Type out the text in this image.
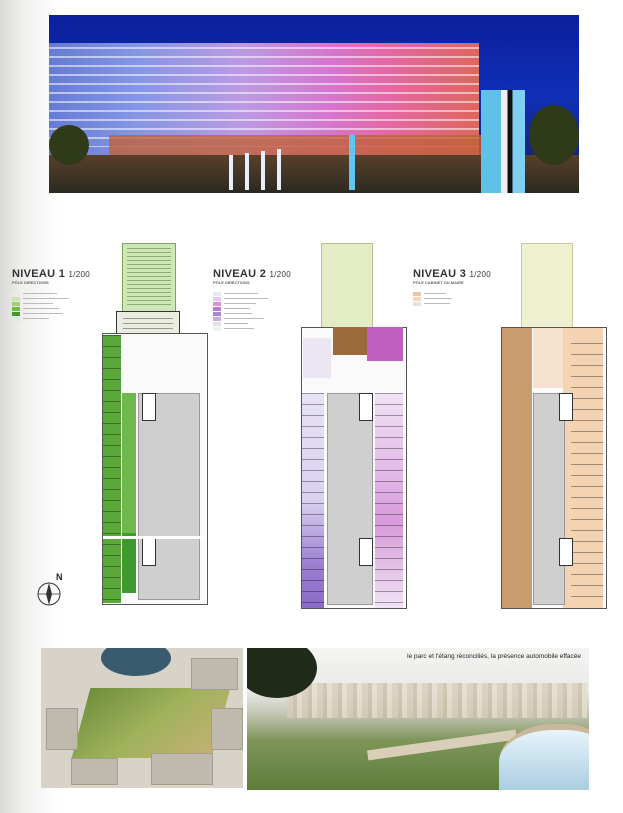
NIVEAU 1 1/200
PÔLE DIRECTIONS
NIVEAU 2 1/200
PÔLE DIRECTIONS
NIVEAU 3 1/200
PÔLE CABINET DU MAIRE
N
le parc et l'étang réconciliés, la présence automobile effacée
